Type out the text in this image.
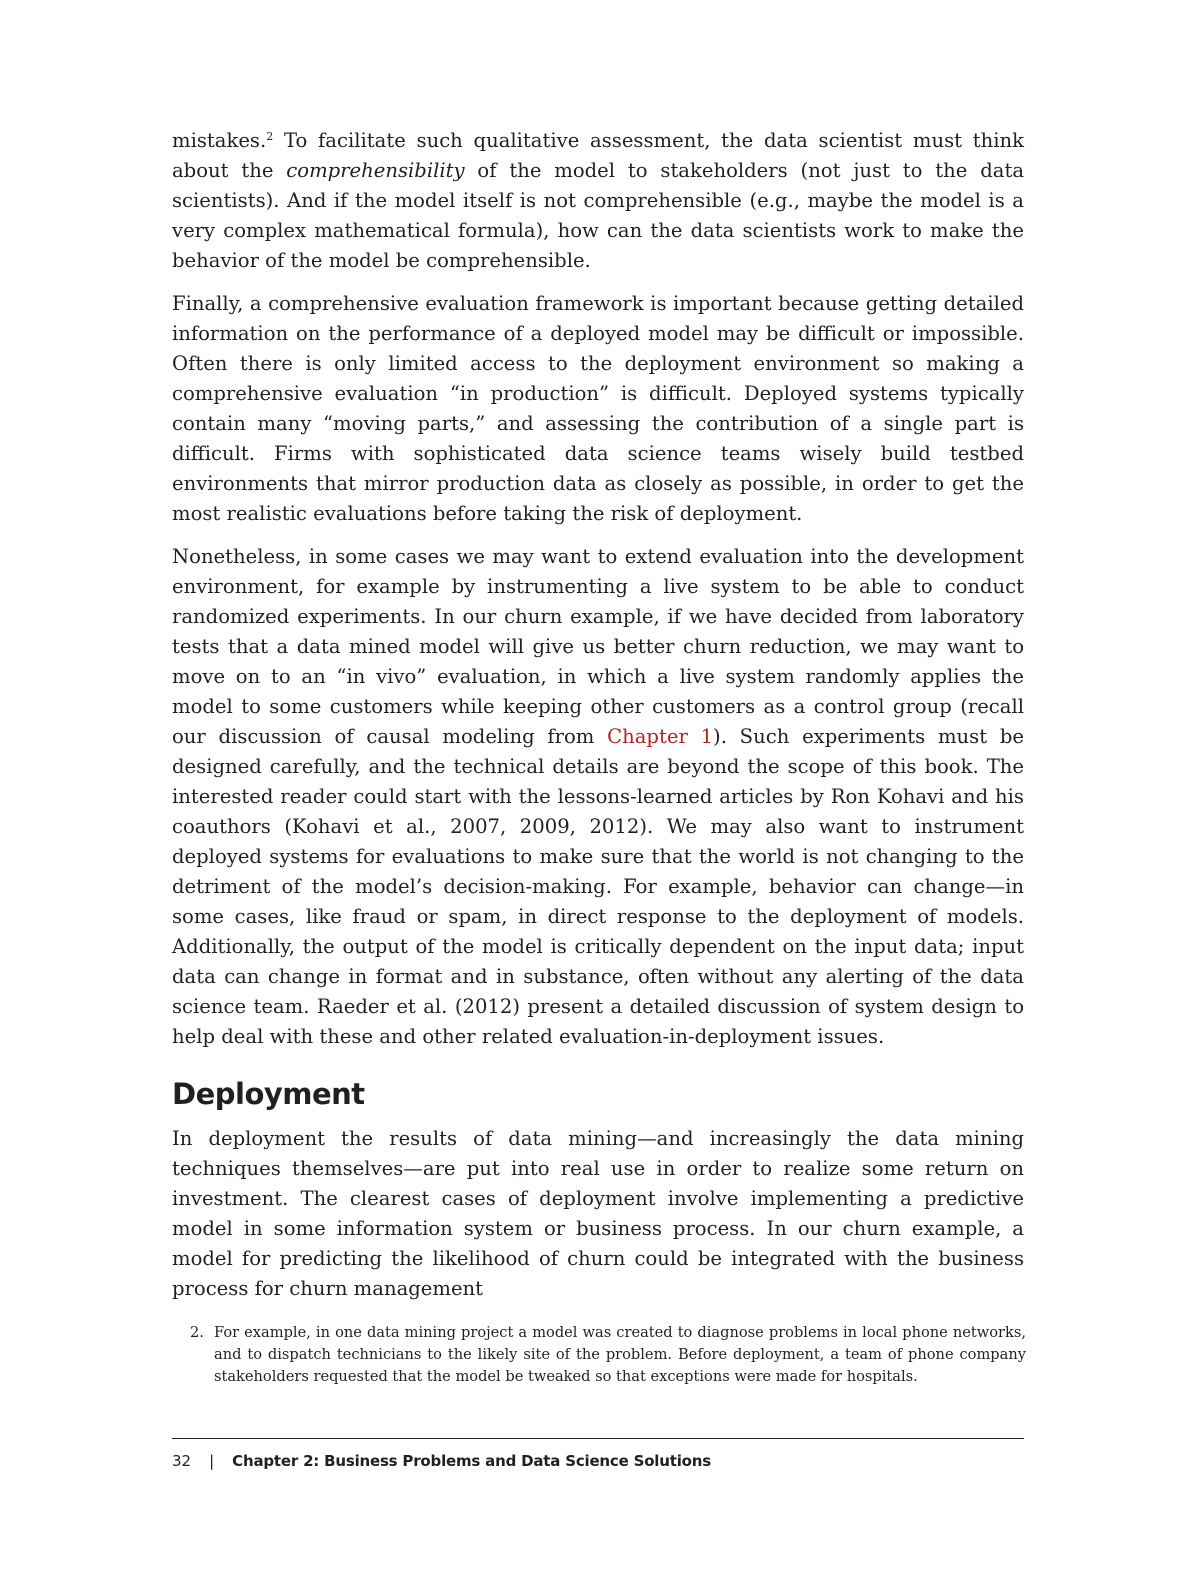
mistakes.$^2$ To facilitate such qualitative assessment, the data scientist must think about the comprehensibility of the model to stakeholders (not just to the data scientists). And if the model itself is not comprehensible (e.g., maybe the model is a very complex mathematical formula), how can the data scientists work to make the behavior of the model be comprehensible.

Finally, a comprehensive evaluation framework is important because getting detailed information on the performance of a deployed model may be difficult or impossible. Often there is only limited access to the deployment environment so making a comprehensive evaluation “in production” is difficult. Deployed systems typically contain many “moving parts,” and assessing the contribution of a single part is difficult. Firms with sophisticated data science teams wisely build testbed environments that mirror production data as closely as possible, in order to get the most realistic evaluations before taking the risk of deployment.

Nonetheless, in some cases we may want to extend evaluation into the development environment, for example by instrumenting a live system to be able to conduct randomized experiments. In our churn example, if we have decided from laboratory tests that a data mined model will give us better churn reduction, we may want to move on to an “in vivo” evaluation, in which a live system randomly applies the model to some customers while keeping other customers as a control group (recall our discussion of causal modeling from Chapter 1). Such experiments must be designed carefully, and the technical details are beyond the scope of this book. The interested reader could start with the lessons-learned articles by Ron Kohavi and his coauthors (Kohavi et al., 2007, 2009, 2012). We may also want to instrument deployed systems for evaluations to make sure that the world is not changing to the detriment of the model’s decision-making. For example, behavior can change—in some cases, like fraud or spam, in direct response to the deployment of models. Additionally, the output of the model is critically dependent on the input data; input data can change in format and in substance, often without any alerting of the data science team. Raeder et al. (2012) present a detailed discussion of system design to help deal with these and other related evaluation-in-deployment issues.

Deployment

In deployment the results of data mining—and increasingly the data mining techniques themselves—are put into real use in order to realize some return on investment. The clearest cases of deployment involve implementing a predictive model in some information system or business process. In our churn example, a model for predicting the likelihood of churn could be integrated with the business process for churn management

2. For example, in one data mining project a model was created to diagnose problems in local phone networks, and to dispatch technicians to the likely site of the problem. Before deployment, a team of phone company stakeholders requested that the model be tweaked so that exceptions were made for hospitals.
32 | Chapter 2: Business Problems and Data Science Solutions
